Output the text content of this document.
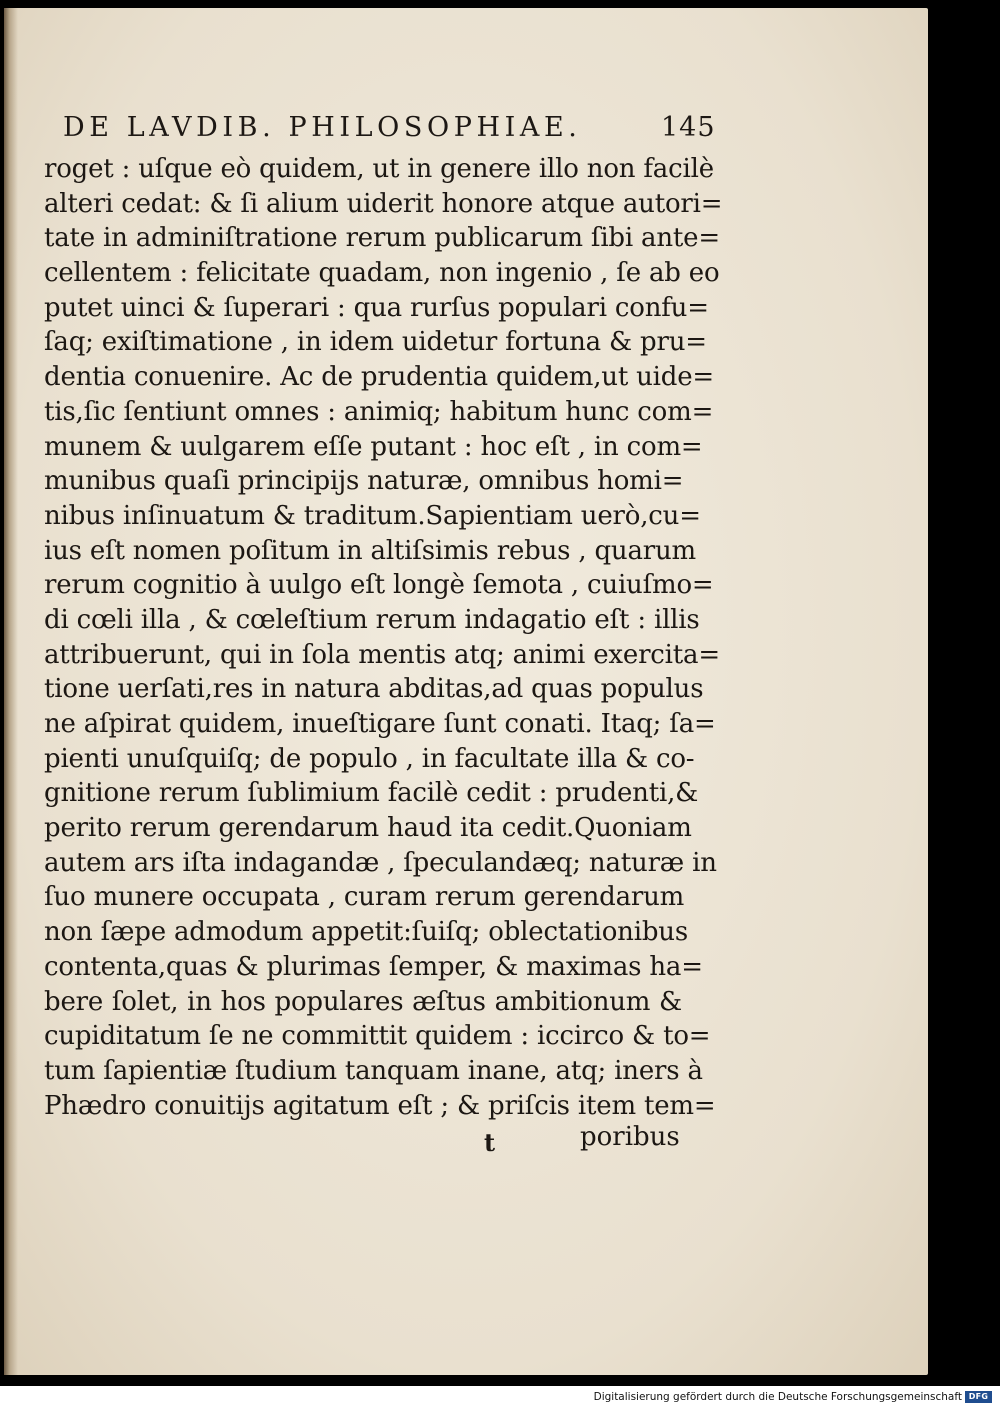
DE LAVDIB. PHILOSOPHIAE.	145
roget : uſque eò quidem, ut in genere illo non facilè
alteri cedat: & ſi alium uiderit honore atque autori=
tate in adminiſtratione rerum publicarum ſibi ante=
cellentem : felicitate quadam, non ingenio , ſe ab eo
putet uinci & ſuperari : qua rurſus populari confu=
ſaq; exiſtimatione , in idem uidetur fortuna & pru=
dentia conuenire. Ac de prudentia quidem,ut uide=
tis,ſic ſentiunt omnes : animiq; habitum hunc com=
munem & uulgarem eſſe putant : hoc eſt , in com=
munibus quaſi principijs naturæ, omnibus homi=
nibus inſinuatum & traditum.Sapientiam uerò,cu=
ius eſt nomen poſitum in altiſsimis rebus , quarum
rerum cognitio à uulgo eſt longè ſemota , cuiuſmo=
di cœli illa , & cœleſtium rerum indagatio eſt : illis
attribuerunt, qui in ſola mentis atq; animi exercita=
tione uerſati,res in natura abditas,ad quas populus
ne aſpirat quidem, inueſtigare ſunt conati. Itaq; ſa=
pienti unuſquiſq; de populo , in facultate illa & co-
gnitione rerum ſublimium facilè cedit : prudenti,&
perito rerum gerendarum haud ita cedit.Quoniam
autem ars iſta indagandæ , ſpeculandæq; naturæ in
ſuo munere occupata , curam rerum gerendarum
non ſæpe admodum appetit:ſuiſq; oblectationibus
contenta,quas & plurimas ſemper, & maximas ha=
bere ſolet, in hos populares æſtus ambitionum &
cupiditatum ſe ne committit quidem : iccirco & to=
tum ſapientiæ ſtudium tanquam inane, atq; iners à
Phædro conuitijs agitatum eſt ; & priſcis item tem=
t	poribus
Digitalisierung gefördert durch die Deutsche Forschungsgemeinschaft DFG
